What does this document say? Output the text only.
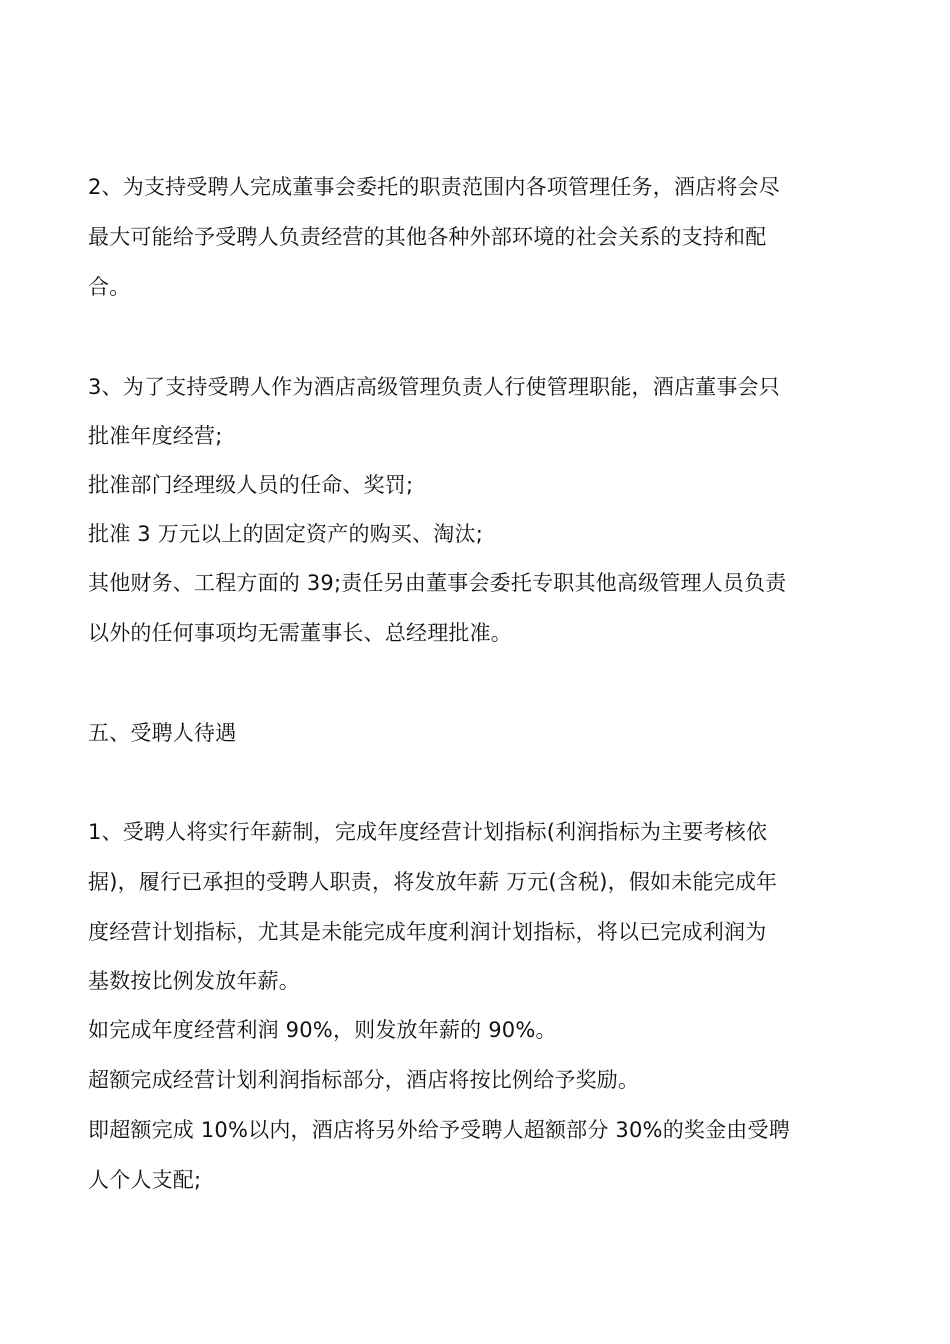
2、为支持受聘人完成董事会委托的职责范围内各项管理任务，酒店将会尽
最大可能给予受聘人负责经营的其他各种外部环境的社会关系的支持和配
合。
3、为了支持受聘人作为酒店高级管理负责人行使管理职能，酒店董事会只
批准年度经营;
批准部门经理级人员的任命、奖罚;
批准 3 万元以上的固定资产的购买、淘汰;
其他财务、工程方面的 39;责任另由董事会委托专职其他高级管理人员负责
以外的任何事项均无需董事长、总经理批准。
五、受聘人待遇
1、受聘人将实行年薪制，完成年度经营计划指标(利润指标为主要考核依
据)，履行已承担的受聘人职责，将发放年薪 万元(含税)，假如未能完成年
度经营计划指标，尤其是未能完成年度利润计划指标，将以已完成利润为
基数按比例发放年薪。
如完成年度经营利润 90%，则发放年薪的 90%。
超额完成经营计划利润指标部分，酒店将按比例给予奖励。
即超额完成 10%以内，酒店将另外给予受聘人超额部分 30%的奖金由受聘
人个人支配;
